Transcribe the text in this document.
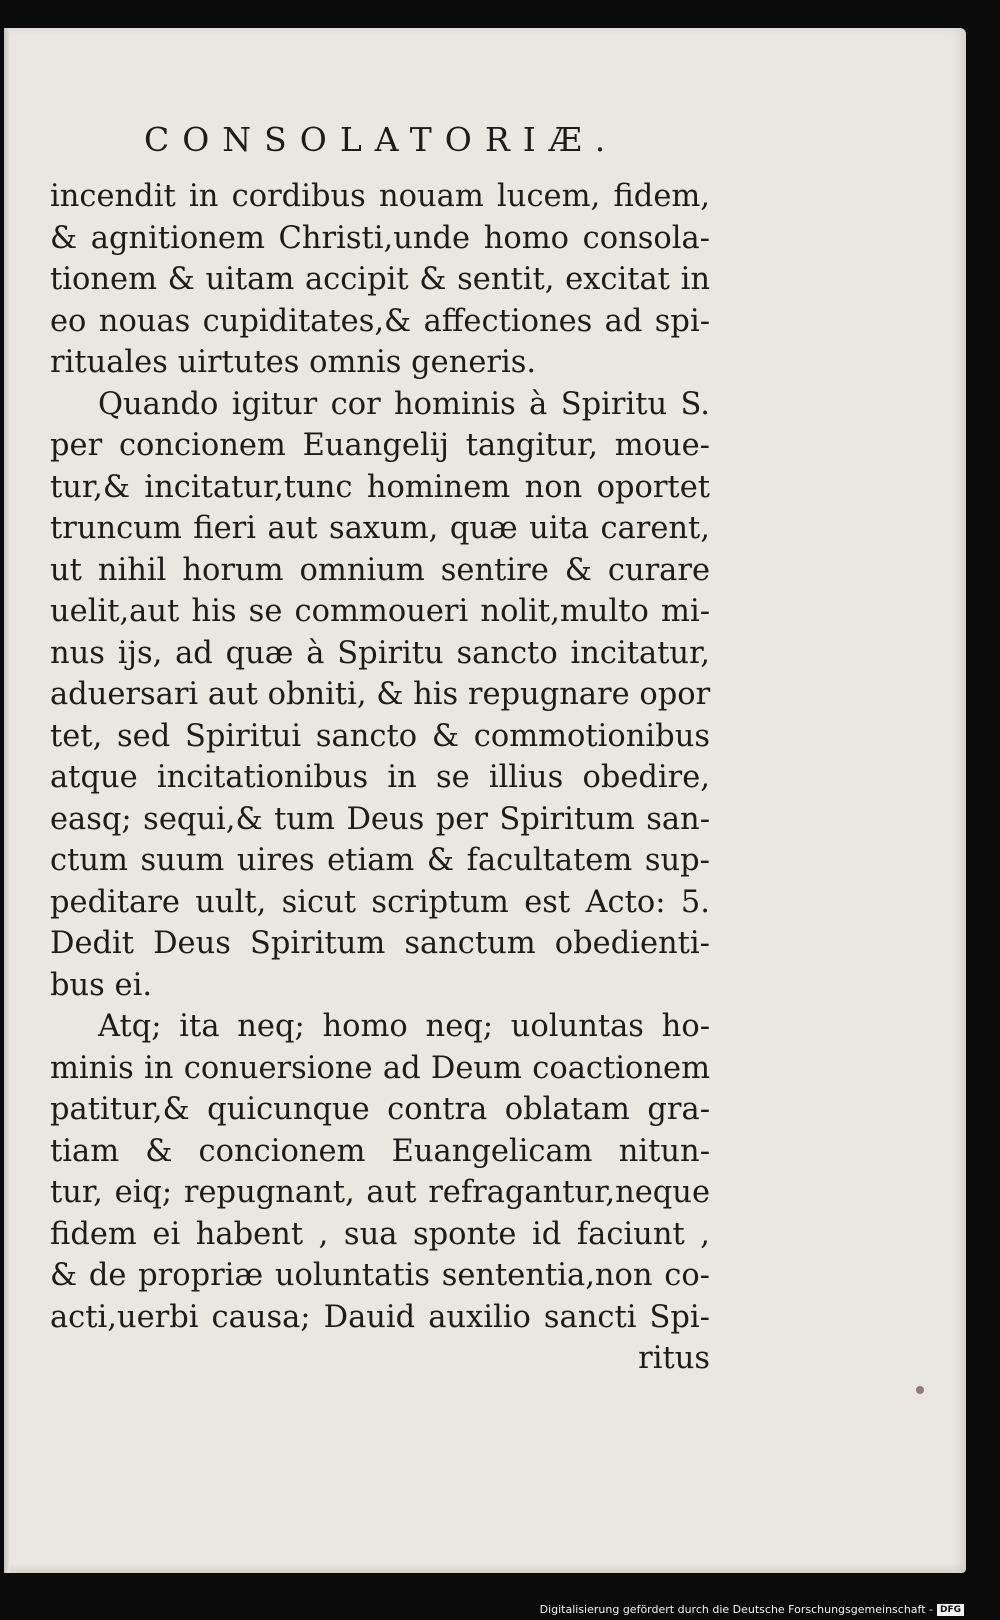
CONSOLATORIÆ.
incendit in cordibus nouam lucem, fidem,
& agnitionem Christi,unde homo consola-
tionem & uitam accipit & sentit, excitat in
eo nouas cupiditates,& affectiones ad spi-
rituales uirtutes omnis generis.
Quando igitur cor hominis à Spiritu S.
per concionem Euangelij tangitur, moue-
tur,& incitatur,tunc hominem non oportet
truncum fieri aut saxum, quæ uita carent,
ut nihil horum omnium sentire & curare
uelit,aut his se commoueri nolit,multo mi-
nus ijs, ad quæ à Spiritu sancto incitatur,
aduersari aut obniti, & his repugnare opor
tet, sed Spiritui sancto & commotionibus
atque incitationibus in se illius obedire,
easq; sequi,& tum Deus per Spiritum san-
ctum suum uires etiam & facultatem sup-
peditare uult, sicut scriptum est Acto: 5.
Dedit Deus Spiritum sanctum obedienti-
bus ei.
Atq; ita neq; homo neq; uoluntas ho-
minis in conuersione ad Deum coactionem
patitur,& quicunque contra oblatam gra-
tiam & concionem Euangelicam nitun-
tur, eiq; repugnant, aut refragantur,neque
fidem ei habent , sua sponte id faciunt ,
& de propriæ uoluntatis sententia,non co-
acti,uerbi causa; Dauid auxilio sancti Spi-
ritus
Digitalisierung gefördert durch die Deutsche Forschungsgemeinschaft - DFG
